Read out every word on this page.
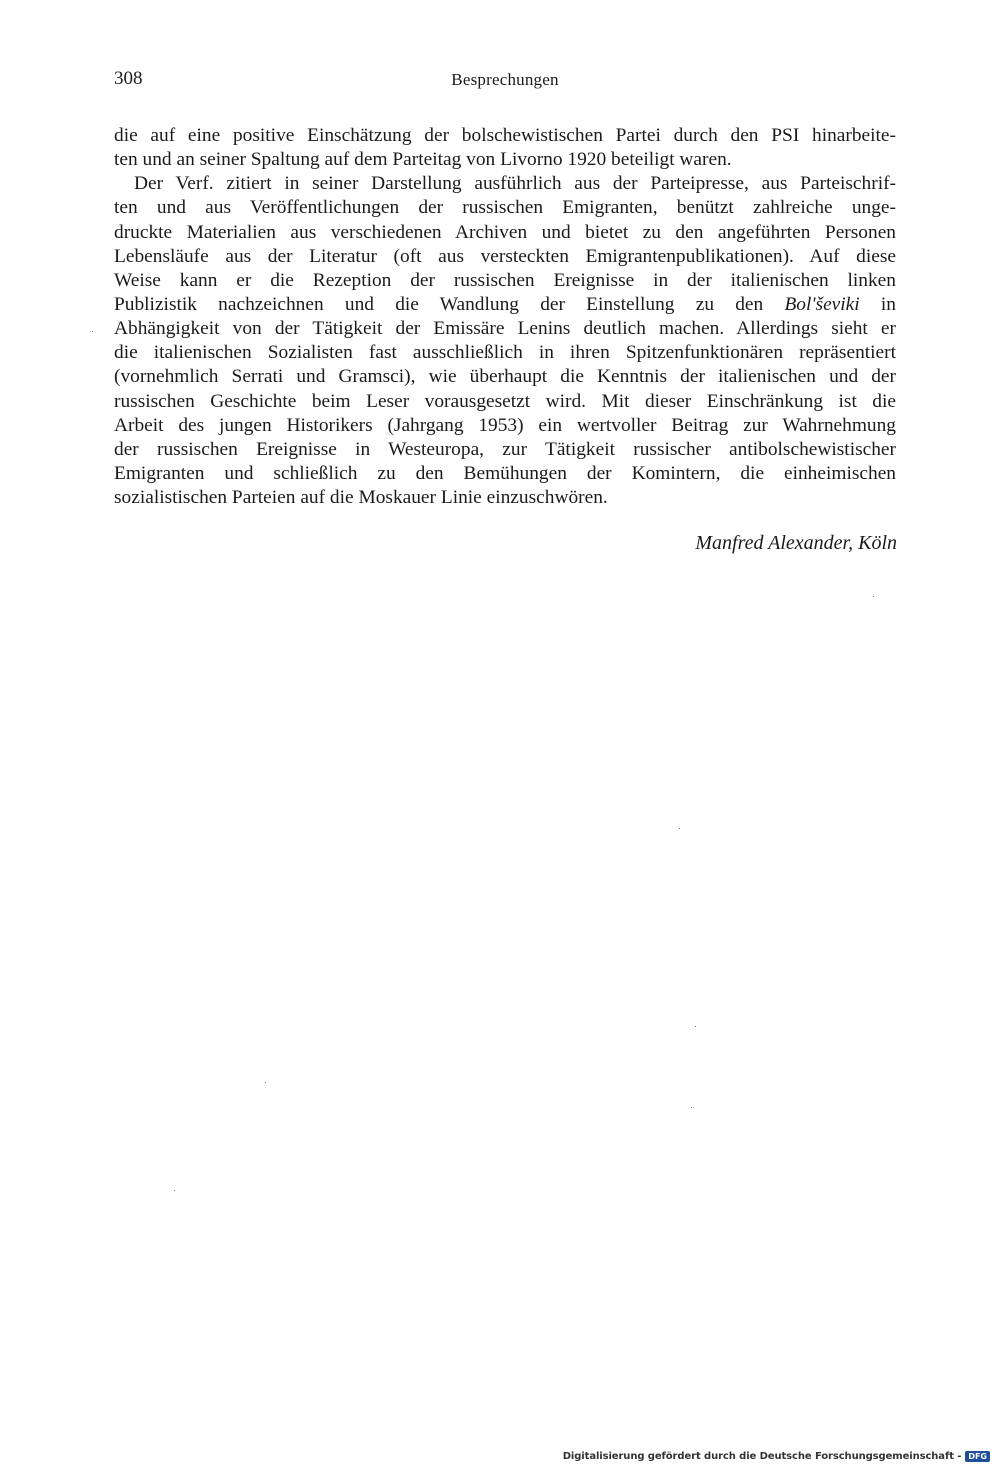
308	Besprechungen
die auf eine positive Einschätzung der bolschewistischen Partei durch den PSI hinarbeite-
ten und an seiner Spaltung auf dem Parteitag von Livorno 1920 beteiligt waren.
Der Verf. zitiert in seiner Darstellung ausführlich aus der Parteipresse, aus Parteischrif-
ten und aus Veröffentlichungen der russischen Emigranten, benützt zahlreiche unge-
druckte Materialien aus verschiedenen Archiven und bietet zu den angeführten Personen
Lebensläufe aus der Literatur (oft aus versteckten Emigrantenpublikationen). Auf diese
Weise kann er die Rezeption der russischen Ereignisse in der italienischen linken
Publizistik nachzeichnen und die Wandlung der Einstellung zu den Bol'ševiki in
Abhängigkeit von der Tätigkeit der Emissäre Lenins deutlich machen. Allerdings sieht er
die italienischen Sozialisten fast ausschließlich in ihren Spitzenfunktionären repräsentiert
(vornehmlich Serrati und Gramsci), wie überhaupt die Kenntnis der italienischen und der
russischen Geschichte beim Leser vorausgesetzt wird. Mit dieser Einschränkung ist die
Arbeit des jungen Historikers (Jahrgang 1953) ein wertvoller Beitrag zur Wahrnehmung
der russischen Ereignisse in Westeuropa, zur Tätigkeit russischer antibolschewistischer
Emigranten und schließlich zu den Bemühungen der Komintern, die einheimischen
sozialistischen Parteien auf die Moskauer Linie einzuschwören.
Manfred Alexander, Köln
Digitalisierung gefördert durch die Deutsche Forschungsgemeinschaft - DFG
